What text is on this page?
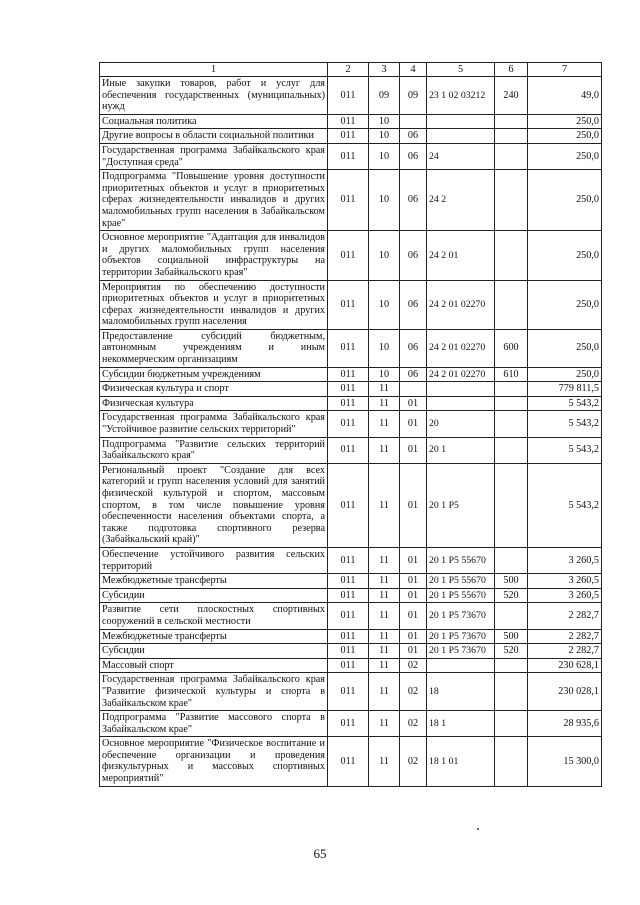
1	2	3	4	5	6	7
Иные закупки товаров, работ и услуг для обеспечения государственных (муниципальных) нужд	011	09	09	23 1 02 03212	240	49,0
Социальная политика	011	10				250,0
Другие вопросы в области социальной политики	011	10	06			250,0
Государственная программа Забайкальского края "Доступная среда"	011	10	06	24		250,0
Подпрограмма "Повышение уровня доступности приоритетных объектов и услуг в приоритетных сферах жизнедеятельности инвалидов и других маломобильных групп населения в Забайкальском крае"	011	10	06	24 2		250,0
Основное мероприятие "Адаптация для инвалидов и других маломобильных групп населения объектов социальной инфраструктуры на территории Забайкальского края"	011	10	06	24 2 01		250,0
Мероприятия по обеспечению доступности приоритетных объектов и услуг в приоритетных сферах жизнедеятельности инвалидов и других маломобильных групп населения	011	10	06	24 2 01 02270		250,0
Предоставление субсидий бюджетным, автономным учреждениям и иным некоммерческим организациям	011	10	06	24 2 01 02270	600	250,0
Субсидии бюджетным учреждениям	011	10	06	24 2 01 02270	610	250,0
Физическая культура и спорт	011	11				779 811,5
Физическая культура	011	11	01			5 543,2
Государственная программа Забайкальского края "Устойчивое развитие сельских территорий"	011	11	01	20		5 543,2
Подпрограмма "Развитие сельских территорий Забайкальского края"	011	11	01	20 1		5 543,2
Региональный проект "Создание для всех категорий и групп населения условий для занятий физической культурой и спортом, массовым спортом, в том числе повышение уровня обеспеченности населения объектами спорта, а также подготовка спортивного резерва (Забайкальский край)"	011	11	01	20 1 P5		5 543,2
Обеспечение устойчивого развития сельских территорий	011	11	01	20 1 P5 55670		3 260,5
Межбюджетные трансферты	011	11	01	20 1 P5 55670	500	3 260,5
Субсидии	011	11	01	20 1 P5 55670	520	3 260,5
Развитие сети плоскостных спортивных сооружений в сельской местности	011	11	01	20 1 P5 73670		2 282,7
Межбюджетные трансферты	011	11	01	20 1 P5 73670	500	2 282,7
Субсидии	011	11	01	20 1 P5 73670	520	2 282,7
Массовый спорт	011	11	02			230 628,1
Государственная программа Забайкальского края "Развитие физической культуры и спорта в Забайкальском крае"	011	11	02	18		230 028,1
Подпрограмма "Развитие массового спорта в Забайкальском крае"	011	11	02	18 1		28 935,6
Основное мероприятие "Физическое воспитание и обеспечение организации и проведения физкультурных и массовых спортивных мероприятий"	011	11	02	18 1 01		15 300,0
65
